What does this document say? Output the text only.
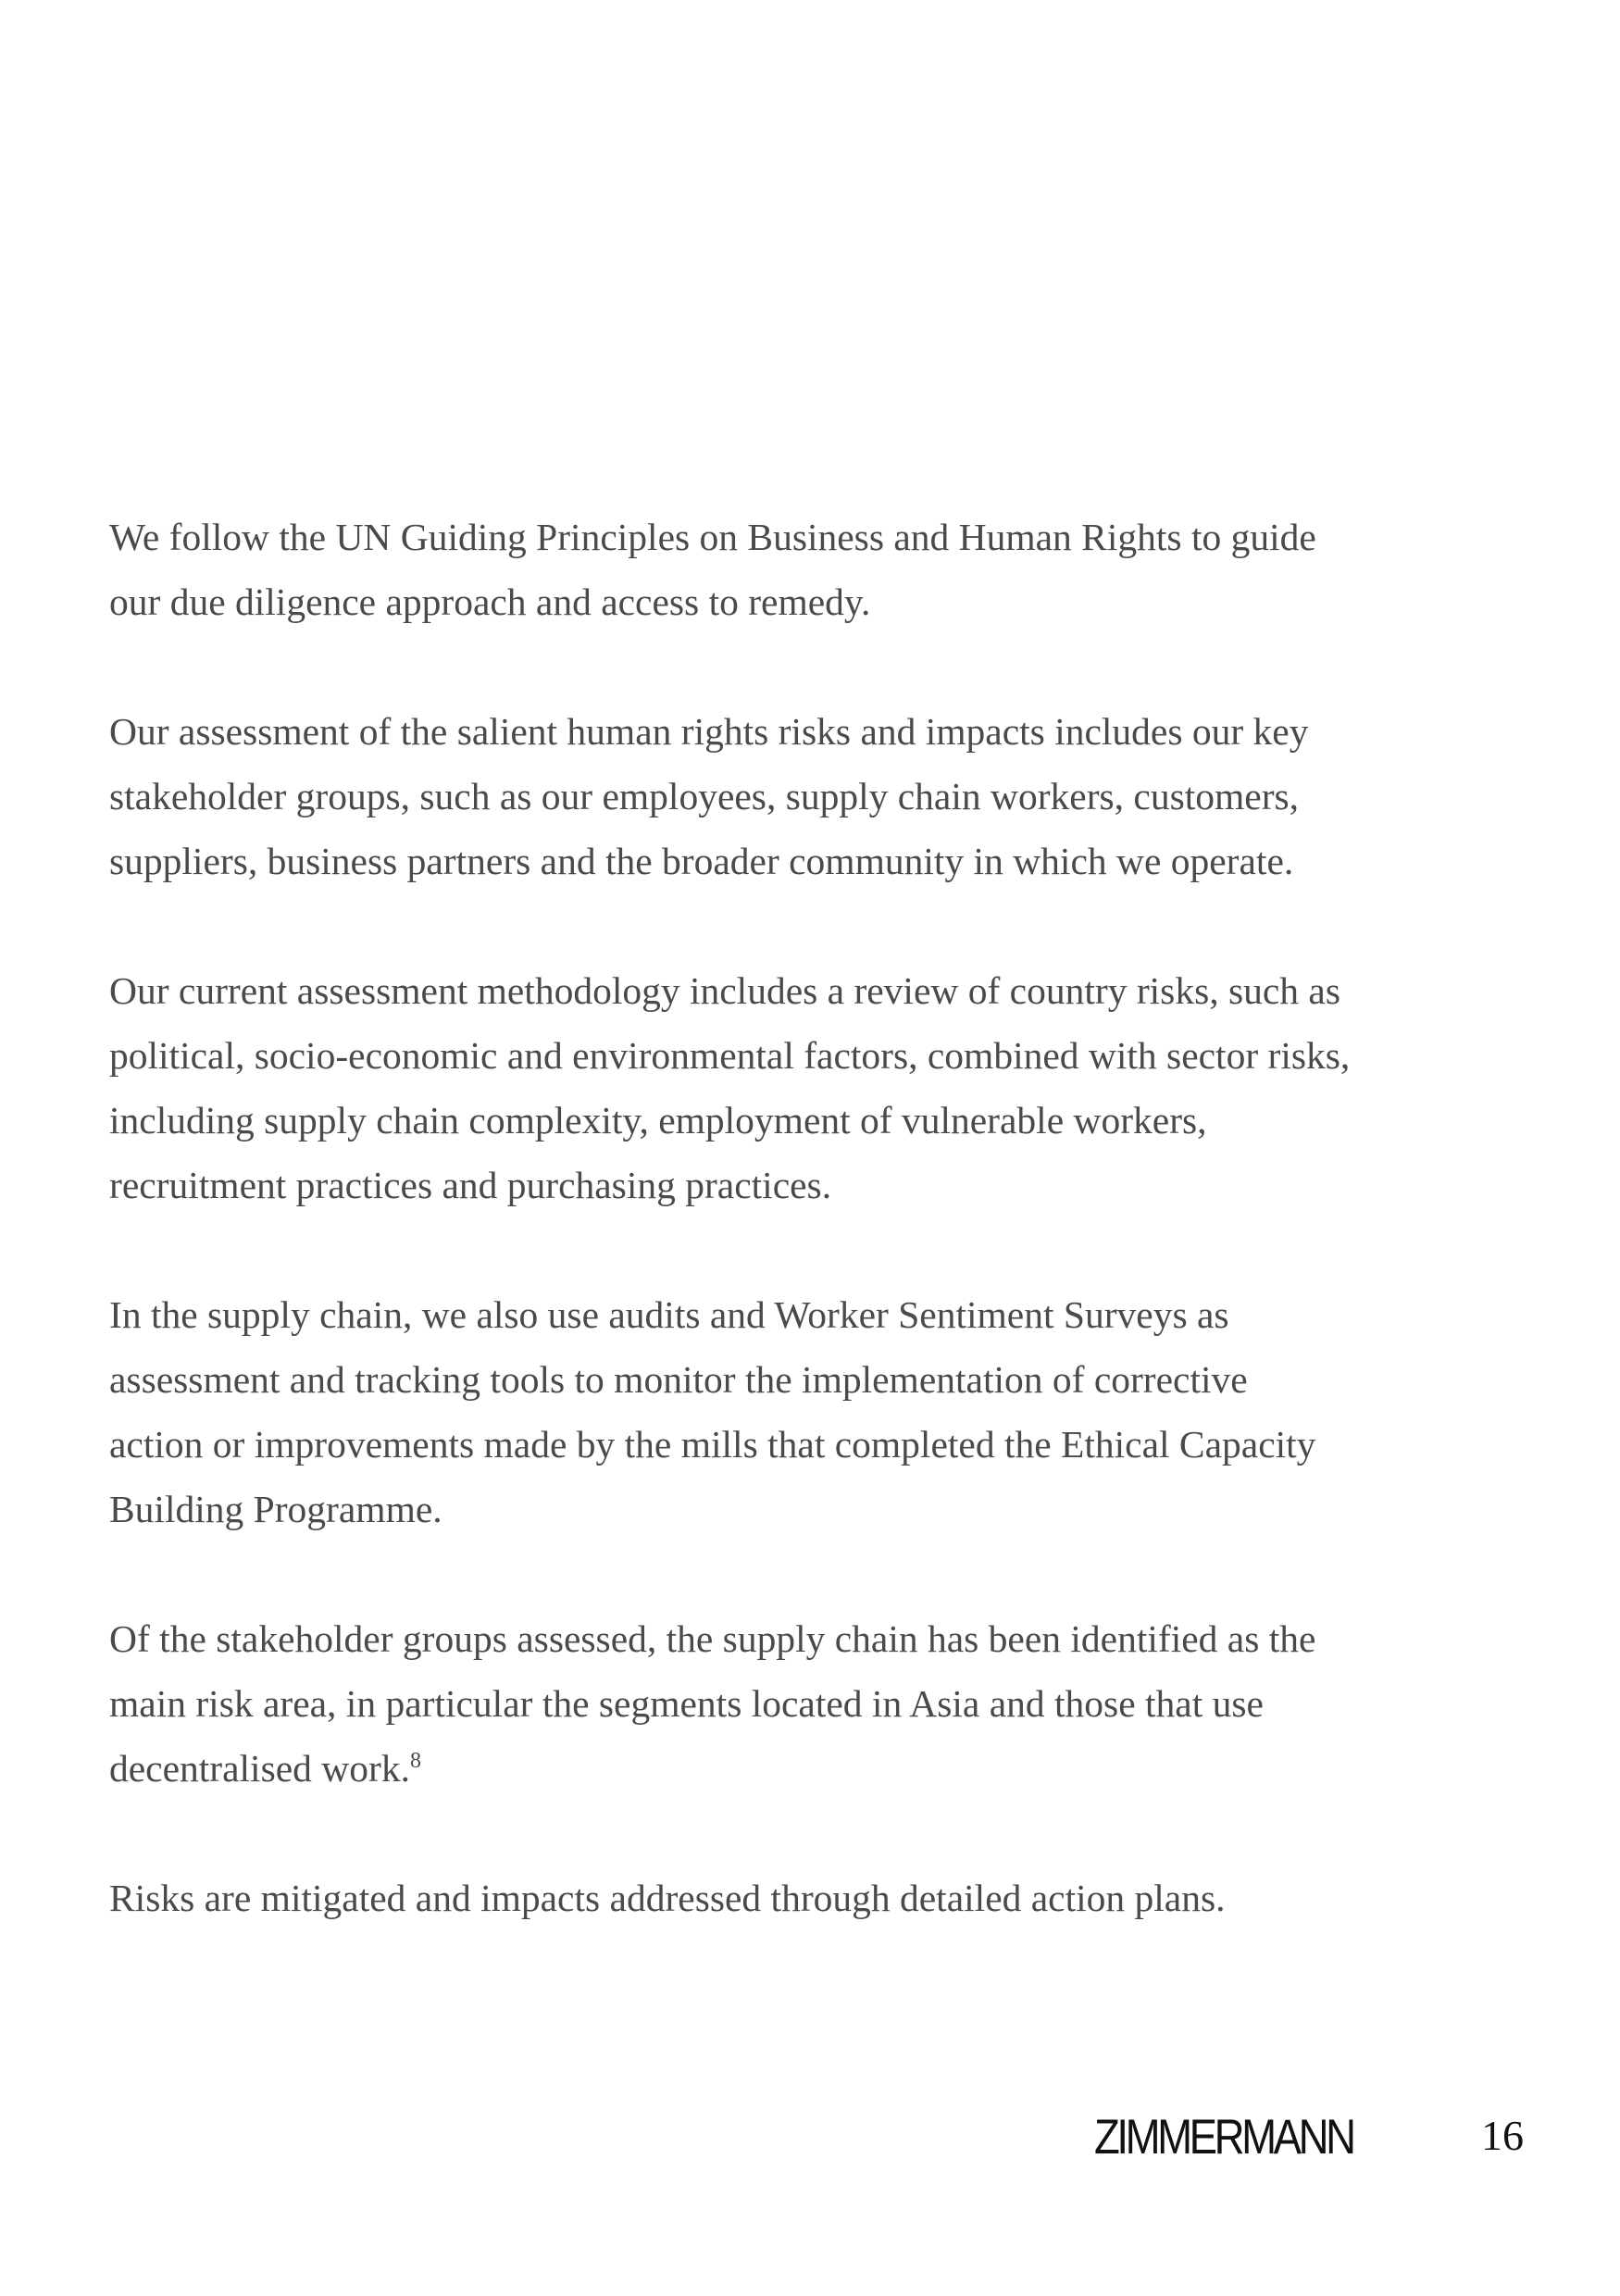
We follow the UN Guiding Principles on Business and Human Rights to guide
our due diligence approach and access to remedy.

Our assessment of the salient human rights risks and impacts includes our key
stakeholder groups, such as our employees, supply chain workers, customers,
suppliers, business partners and the broader community in which we operate.

Our current assessment methodology includes a review of country risks, such as
political, socio-economic and environmental factors, combined with sector risks,
including supply chain complexity, employment of vulnerable workers,
recruitment practices and purchasing practices.

In the supply chain, we also use audits and Worker Sentiment Surveys as
assessment and tracking tools to monitor the implementation of corrective
action or improvements made by the mills that completed the Ethical Capacity
Building Programme.

Of the stakeholder groups assessed, the supply chain has been identified as the
main risk area, in particular the segments located in Asia and those that use
decentralised work.$^8$

Risks are mitigated and impacts addressed through detailed action plans.

ZIMMERMANN	16
